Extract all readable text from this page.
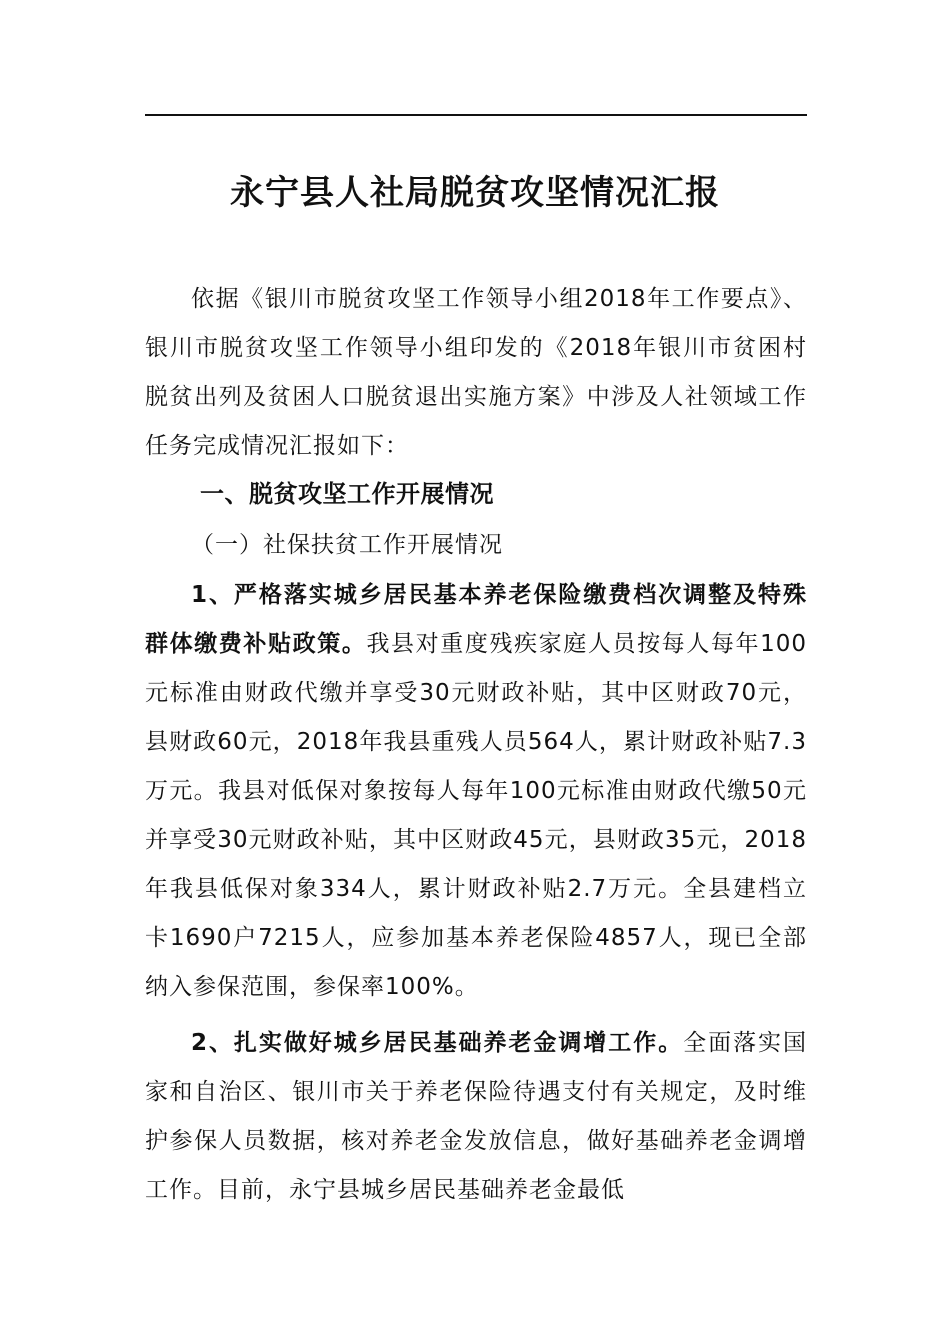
永宁县人社局脱贫攻坚情况汇报

依据《银川市脱贫攻坚工作领导小组2018年工作要点》、银川市脱贫攻坚工作领导小组印发的《2018年银川市贫困村脱贫出列及贫困人口脱贫退出实施方案》中涉及人社领域工作任务完成情况汇报如下：

一、脱贫攻坚工作开展情况
（一）社保扶贫工作开展情况

1、严格落实城乡居民基本养老保险缴费档次调整及特殊群体缴费补贴政策。我县对重度残疾家庭人员按每人每年100元标准由财政代缴并享受30元财政补贴，其中区财政70元，县财政60元，2018年我县重残人员564人，累计财政补贴7.3万元。我县对低保对象按每人每年100元标准由财政代缴50元并享受30元财政补贴，其中区财政45元，县财政35元，2018年我县低保对象334人，累计财政补贴2.7万元。全县建档立卡1690户7215人，应参加基本养老保险4857人，现已全部纳入参保范围，参保率100%。

2、扎实做好城乡居民基础养老金调增工作。全面落实国家和自治区、银川市关于养老保险待遇支付有关规定，及时维护参保人员数据，核对养老金发放信息，做好基础养老金调增工作。目前，永宁县城乡居民基础养老金最低
